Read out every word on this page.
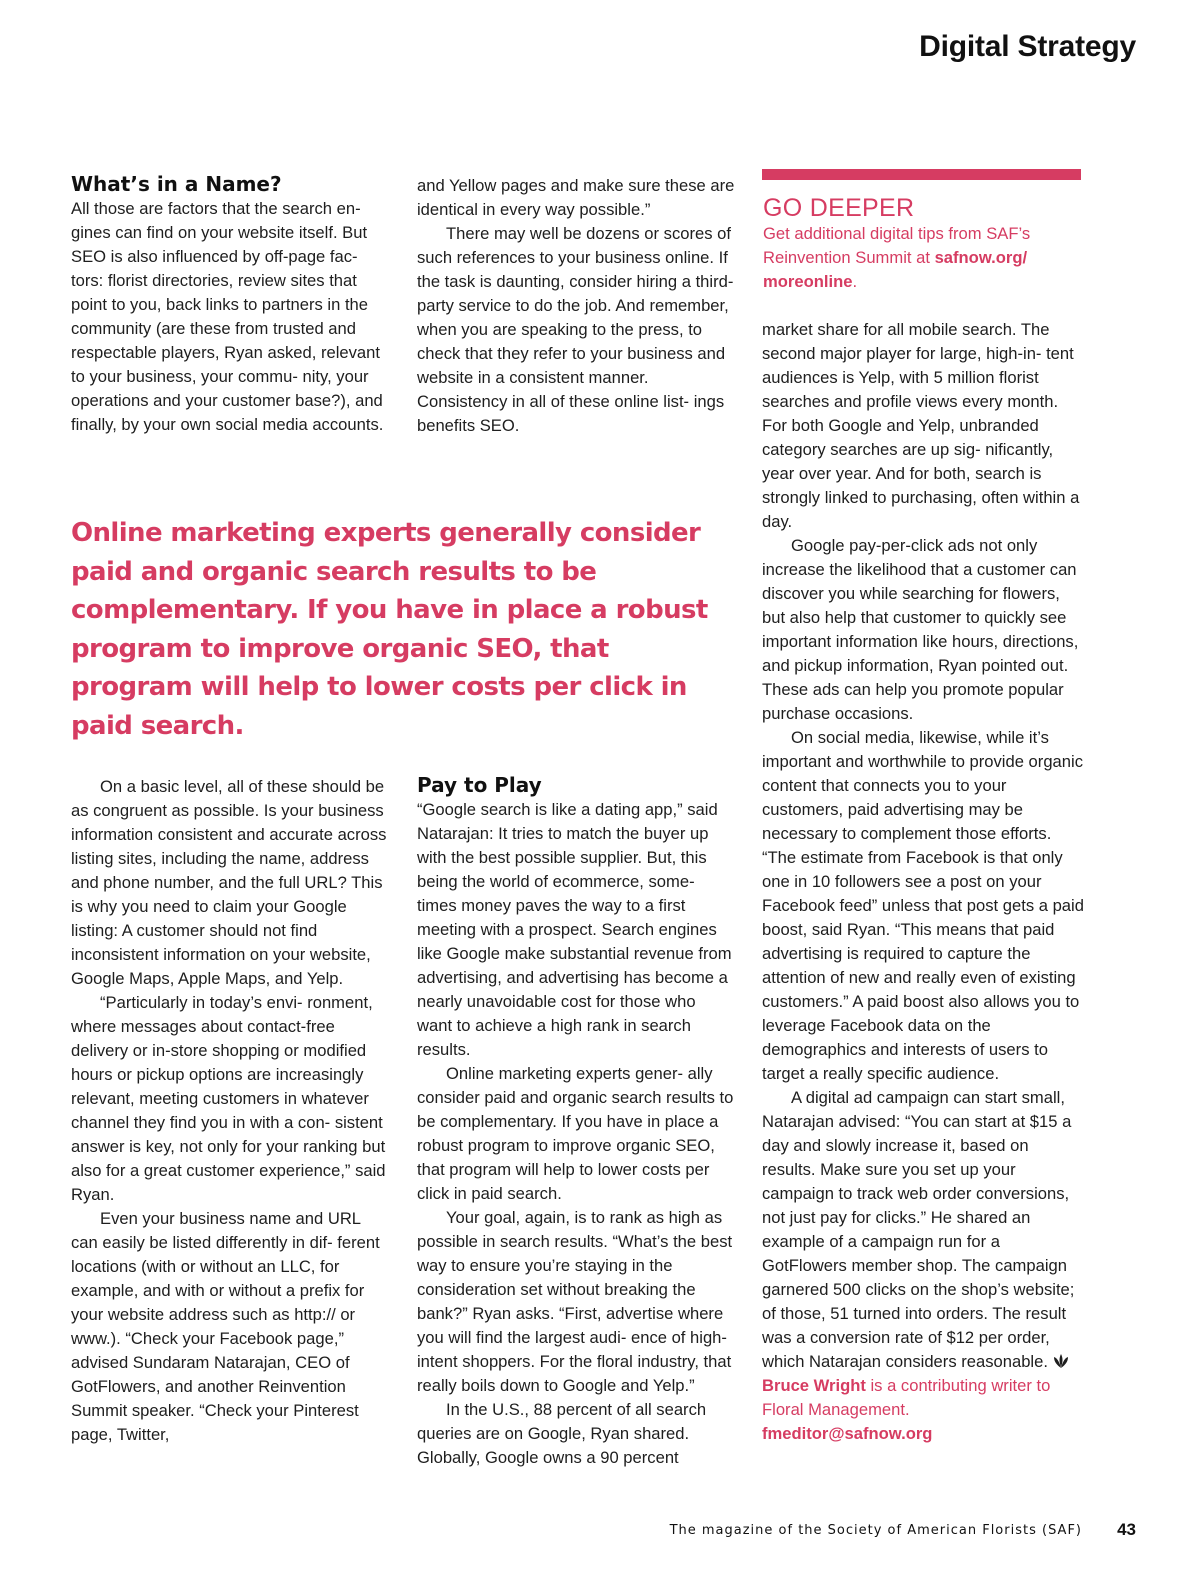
Digital Strategy
What’s in a Name?

All those are factors that the search en- gines can find on your website itself. But SEO is also influenced by off-page fac- tors: florist directories, review sites that point to you, back links to partners in the community (are these from trusted and respectable players, Ryan asked, relevant to your business, your commu- nity, your operations and your customer base?), and finally, by your own social media accounts.

and Yellow pages and make sure these are identical in every way possible.”

There may well be dozens or scores of such references to your business online. If the task is daunting, consider hiring a third-party service to do the job. And remember, when you are speaking to the press, to check that they refer to your business and website in a consistent manner. Consistency in all of these online list- ings benefits SEO.

GO DEEPER
Get additional digital tips from SAF’s Reinvention Summit at safnow.org/ moreonline.
Online marketing experts generally consider paid and organic search results to be complementary. If you have in place a robust program to improve organic SEO, that program will help to lower costs per click in paid search.

On a basic level, all of these should be as congruent as possible. Is your business information consistent and accurate across listing sites, including the name, address and phone number, and the full URL? This is why you need to claim your Google listing: A customer should not find inconsistent information on your website, Google Maps, Apple Maps, and Yelp.

“Particularly in today’s envi- ronment, where messages about contact-free delivery or in-store shopping or modified hours or pickup options are increasingly relevant, meeting customers in whatever channel they find you in with a con- sistent answer is key, not only for your ranking but also for a great customer experience,” said Ryan.

Even your business name and URL can easily be listed differently in dif- ferent locations (with or without an LLC, for example, and with or without a prefix for your website address such as http:// or www.). “Check your Facebook page,” advised Sundaram Natarajan, CEO of GotFlowers, and another Reinvention Summit speaker. “Check your Pinterest page, Twitter,

Pay to Play

“Google search is like a dating app,” said Natarajan: It tries to match the buyer up with the best possible supplier. But, this being the world of ecommerce, some- times money paves the way to a first meeting with a prospect. Search engines like Google make substantial revenue from advertising, and advertising has become a nearly unavoidable cost for those who want to achieve a high rank in search results.

Online marketing experts gener- ally consider paid and organic search results to be complementary. If you have in place a robust program to improve organic SEO, that program will help to lower costs per click in paid search.

Your goal, again, is to rank as high as possible in search results. “What’s the best way to ensure you’re staying in the consideration set without breaking the bank?” Ryan asks. “First, advertise where you will find the largest audi- ence of high-intent shoppers. For the floral industry, that really boils down to Google and Yelp.”

In the U.S., 88 percent of all search queries are on Google, Ryan shared. Globally, Google owns a 90 percent

market share for all mobile search. The second major player for large, high-in- tent audiences is Yelp, with 5 million florist searches and profile views every month. For both Google and Yelp, unbranded category searches are up sig- nificantly, year over year. And for both, search is strongly linked to purchasing, often within a day.

Google pay-per-click ads not only increase the likelihood that a customer can discover you while searching for flowers, but also help that customer to quickly see important information like hours, directions, and pickup information, Ryan pointed out. These ads can help you promote popular purchase occasions.

On social media, likewise, while it’s important and worthwhile to provide organic content that connects you to your customers, paid advertising may be necessary to complement those efforts. “The estimate from Facebook is that only one in 10 followers see a post on your Facebook feed” unless that post gets a paid boost, said Ryan. “This means that paid advertising is required to capture the attention of new and really even of existing customers.” A paid boost also allows you to leverage Facebook data on the demographics and interests of users to target a really specific audience.

A digital ad campaign can start small, Natarajan advised: “You can start at $15 a day and slowly increase it, based on results. Make sure you set up your campaign to track web order conversions, not just pay for clicks.” He shared an example of a campaign run for a GotFlowers member shop. The campaign garnered 500 clicks on the shop’s website; of those, 51 turned into orders. The result was a conversion rate of $12 per order, which Natarajan considers reasonable.

Bruce Wright is a contributing writer to Floral Management.
fmeditor@safnow.org

The magazine of the Society of American Florists (SAF) 43
